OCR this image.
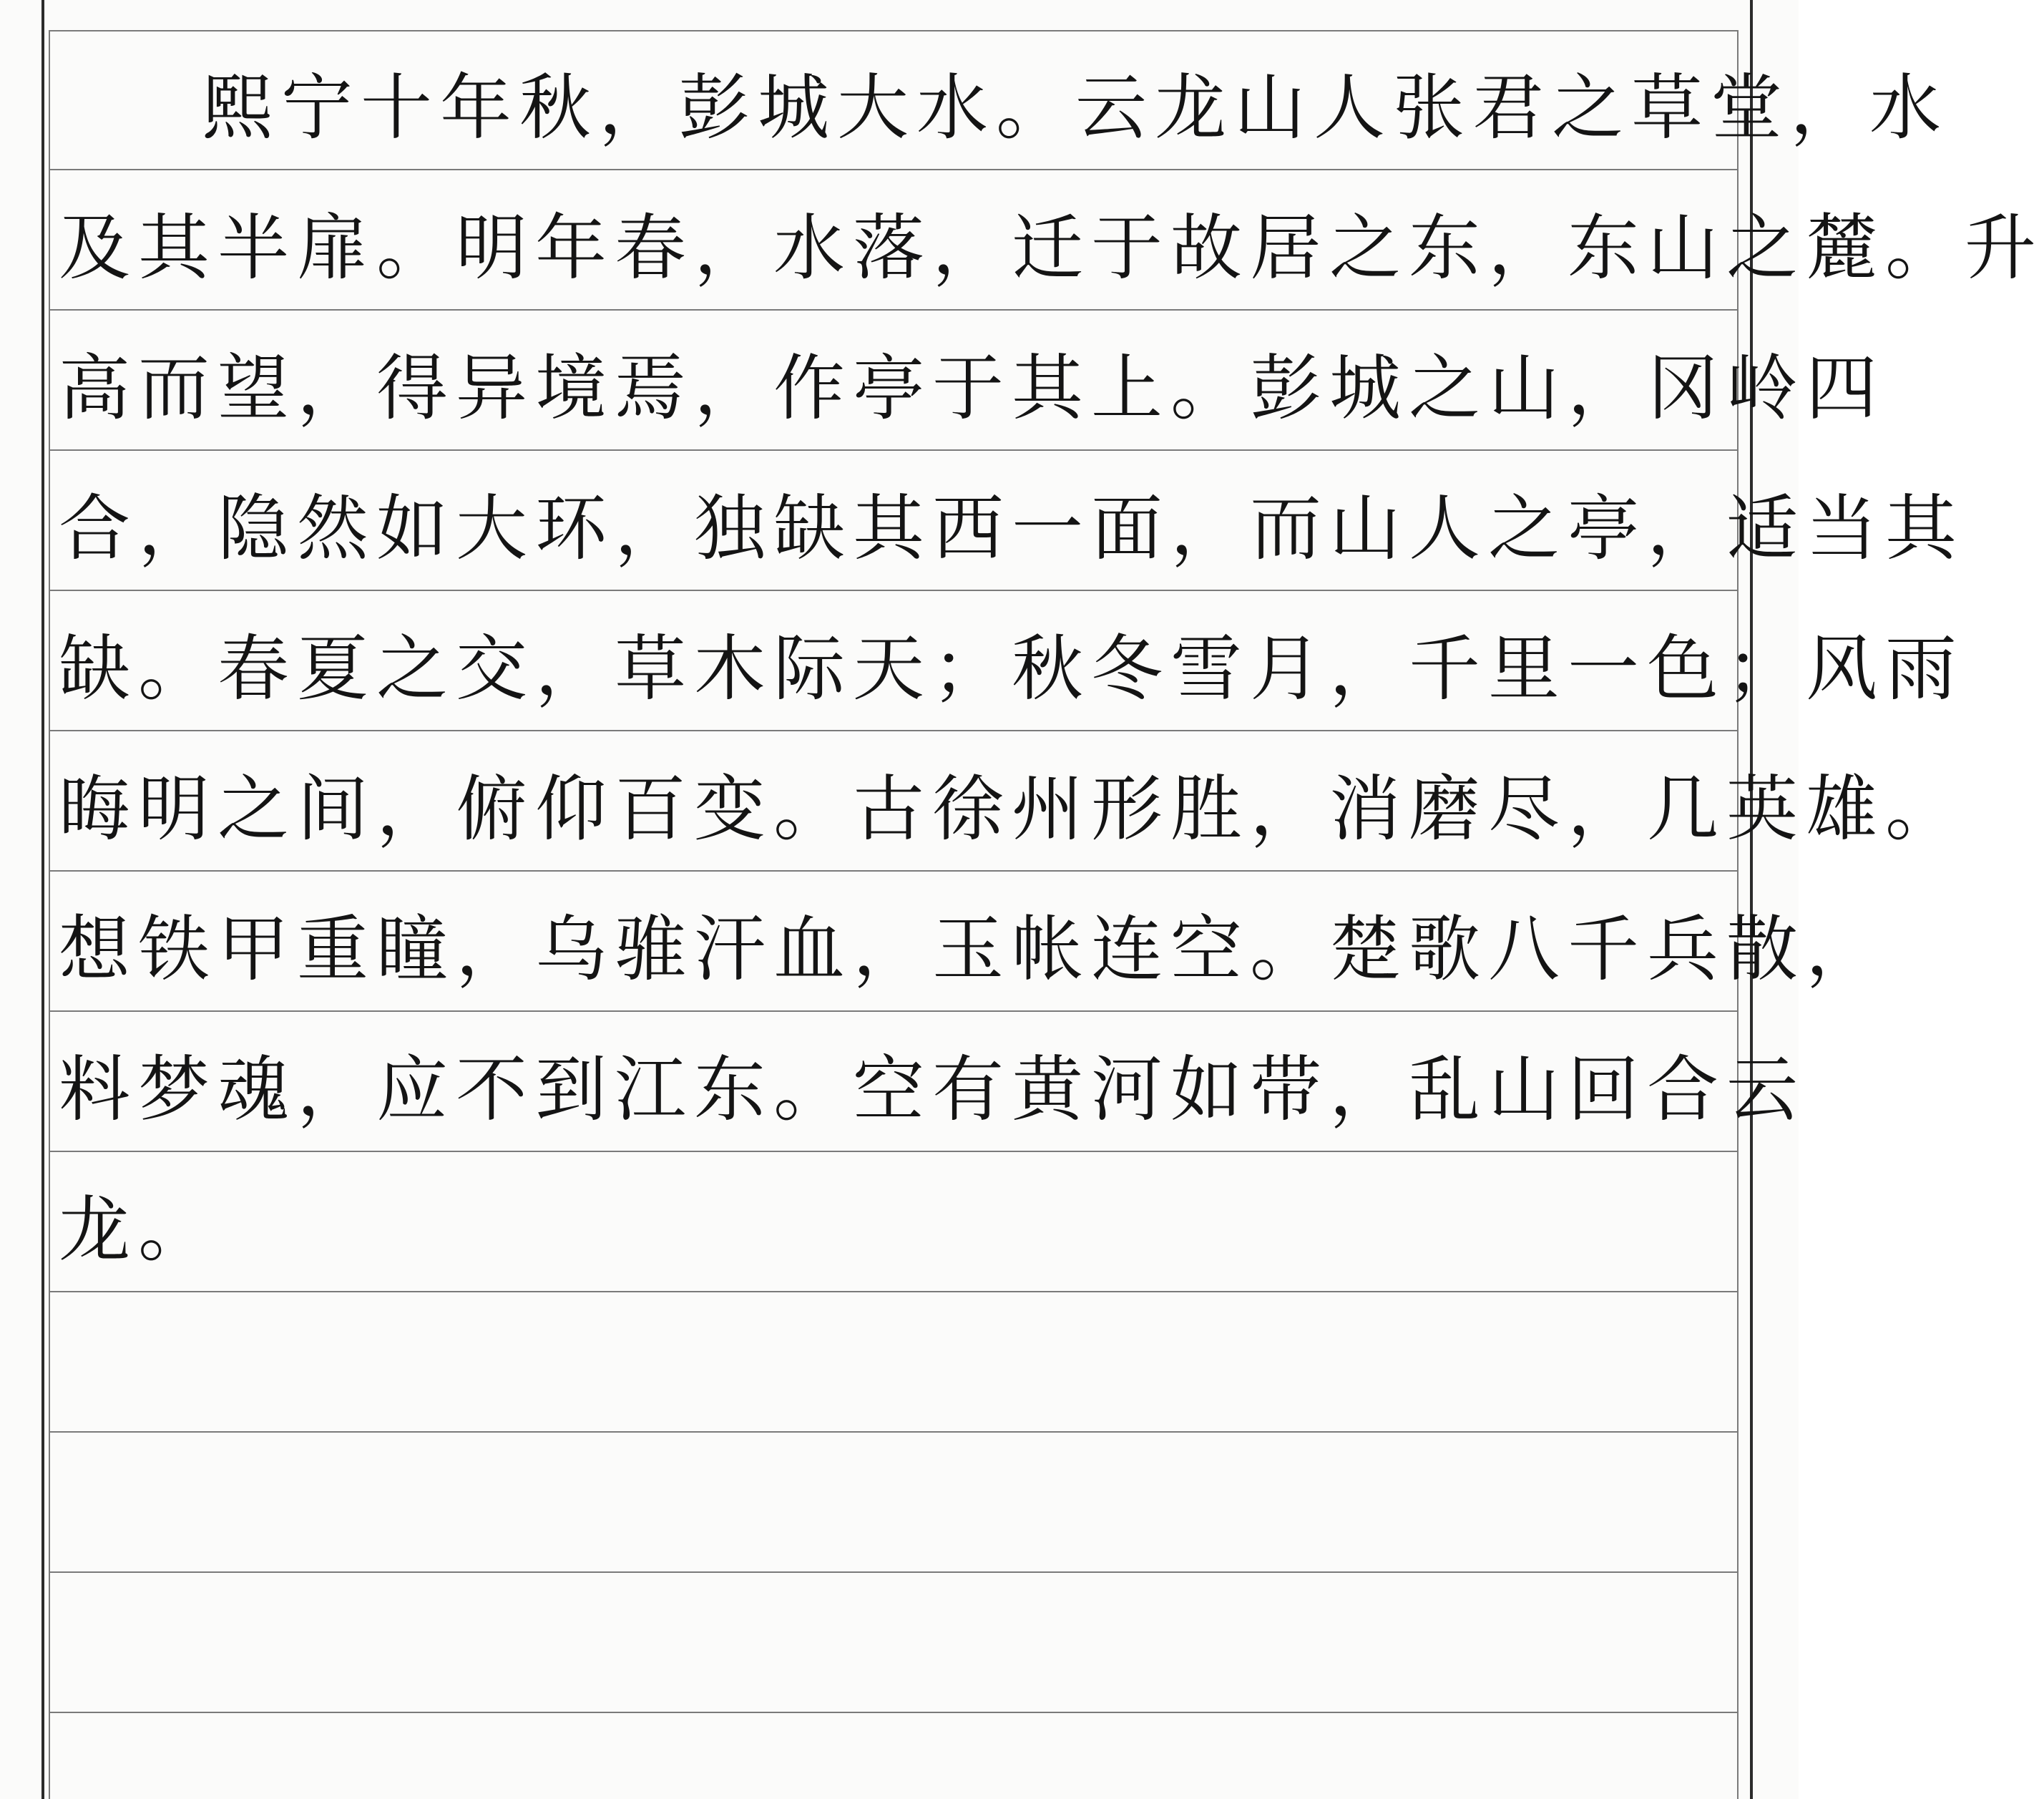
熙宁十年秋，彭城大水。云龙山人张君之草堂，水
及其半扉。明年春，水落，迁于故居之东，东山之麓。升
高而望，得异境焉，作亭于其上。彭城之山，冈岭四
合，隐然如大环，独缺其西一面，而山人之亭，适当其
缺。春夏之交，草木际天；秋冬雪月，千里一色；风雨
晦明之间，俯仰百变。古徐州形胜，消磨尽，几英雄。
想铁甲重瞳，乌骓汗血，玉帐连空。楚歌八千兵散，
料梦魂，应不到江东。空有黄河如带，乱山回合云
龙。
